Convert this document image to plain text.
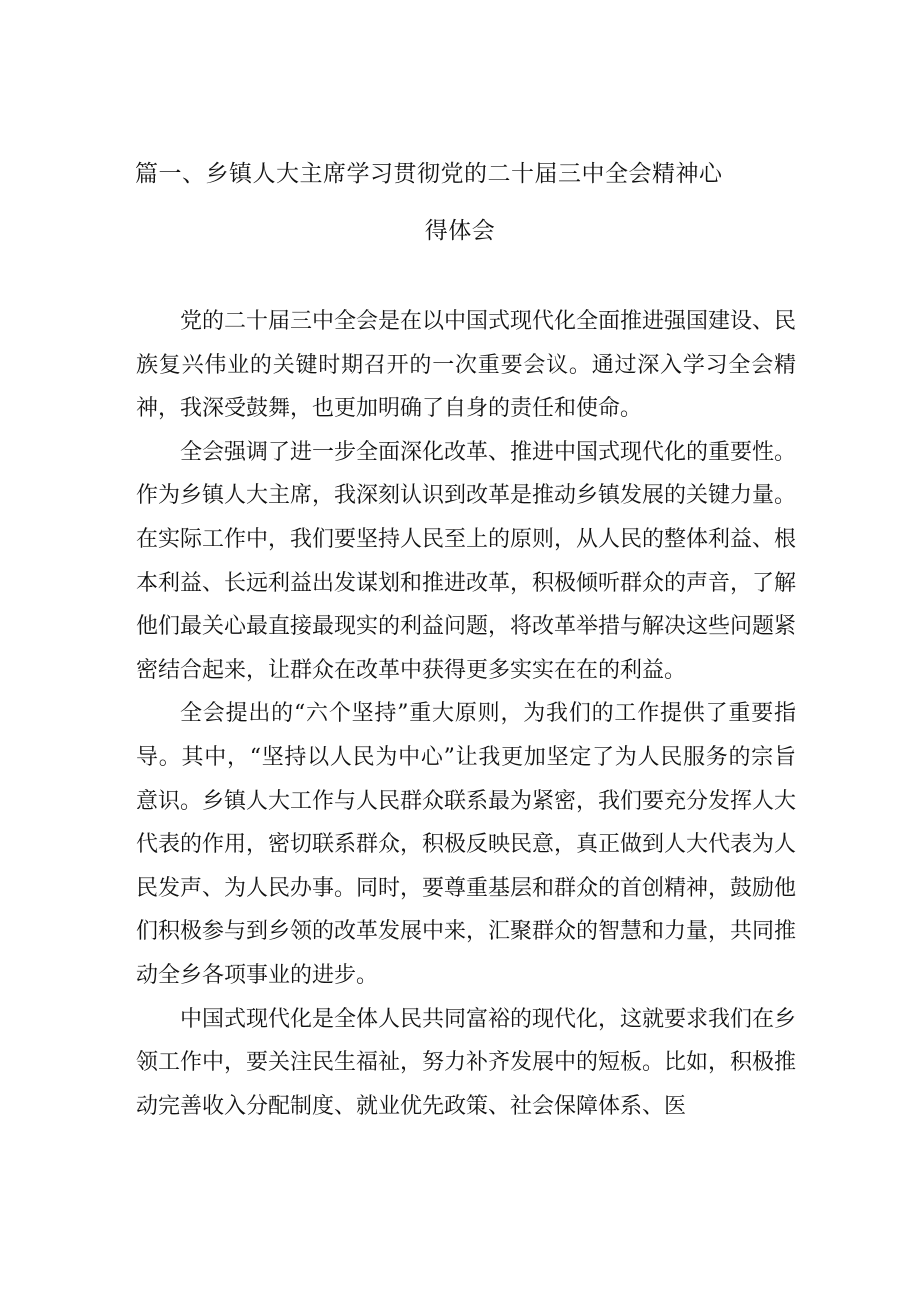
篇一、乡镇人大主席学习贯彻党的二十届三中全会精神心
得体会

党的二十届三中全会是在以中国式现代化全面推进强国建设、民族复兴伟业的关键时期召开的一次重要会议。通过深入学习全会精神，我深受鼓舞，也更加明确了自身的责任和使命。

全会强调了进一步全面深化改革、推进中国式现代化的重要性。作为乡镇人大主席，我深刻认识到改革是推动乡镇发展的关键力量。在实际工作中，我们要坚持人民至上的原则，从人民的整体利益、根本利益、长远利益出发谋划和推进改革，积极倾听群众的声音，了解他们最关心最直接最现实的利益问题，将改革举措与解决这些问题紧密结合起来，让群众在改革中获得更多实实在在的利益。

全会提出的“六个坚持”重大原则，为我们的工作提供了重要指导。其中，“坚持以人民为中心”让我更加坚定了为人民服务的宗旨意识。乡镇人大工作与人民群众联系最为紧密，我们要充分发挥人大代表的作用，密切联系群众，积极反映民意，真正做到人大代表为人民发声、为人民办事。同时，要尊重基层和群众的首创精神，鼓励他们积极参与到乡领的改革发展中来，汇聚群众的智慧和力量，共同推动全乡各项事业的进步。

中国式现代化是全体人民共同富裕的现代化，这就要求我们在乡领工作中，要关注民生福祉，努力补齐发展中的短板。比如，积极推动完善收入分配制度、就业优先政策、社会保障体系、医
